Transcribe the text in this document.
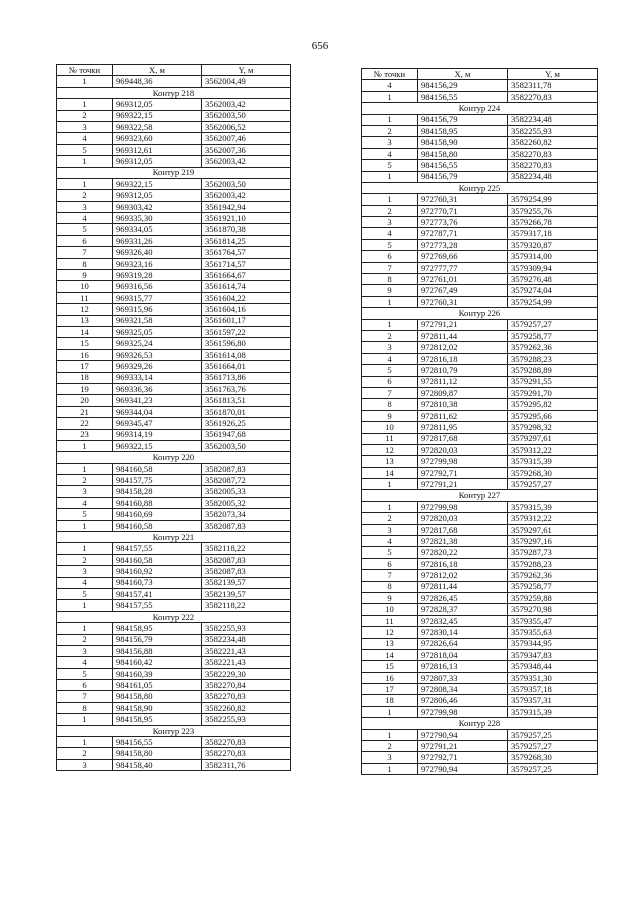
656
№ точки	X, м	Y, м
1	969448,36	3562004,49
Контур 218		
1	969312,05	3562003,42
2	969322,15	3562003,50
3	969322,58	3562006,52
4	969323,60	3562007,46
5	969312,61	3562007,36
1	969312,05	3562003,42
Контур 219		
1	969322,15	3562003,50
2	969312,05	3562003,42
3	969303,42	3561942,94
4	969335,30	3561921,10
5	969334,05	3561870,38
6	969331,26	3561814,25
7	969326,40	3561764,57
8	969323,16	3561714,57
9	969319,28	3561664,67
10	969316,56	3561614,74
11	969315,77	3561604,22
12	969315,96	3561604,16
13	969321,58	3561601,17
14	969325,05	3561597,22
15	969325,24	3561596,80
16	969326,53	3561614,08
17	969329,26	3561664,01
18	969333,14	3561713,86
19	969336,36	3561763,76
20	969341,23	3561813,51
21	969344,04	3561870,01
22	969345,47	3561926,25
23	969314,19	3561947,68
1	969322,15	3562003,50
Контур 220		
1	984160,58	3582087,83
2	984157,75	3582087,72
3	984158,28	3582005,33
4	984160,88	3582005,32
5	984160,69	3582073,34
1	984160,58	3582087,83
Контур 221		
1	984157,55	3582118,22
2	984160,58	3582087,83
3	984160,92	3582087,83
4	984160,73	3582139,57
5	984157,41	3582139,57
1	984157,55	3582118,22
Контур 222		
1	984158,95	3582255,93
2	984156,79	3582234,48
3	984156,88	3582221,43
4	984160,42	3582221,43
5	984160,39	3582229,30
6	984161,05	3582270,84
7	984158,80	3582270,83
8	984158,90	3582260,82
1	984158,95	3582255,93
Контур 223		
1	984156,55	3582270,83
2	984158,80	3582270,83
3	984158,40	3582311,76
№ точки	X, м	Y, м
4	984156,29	3582311,78
1	984156,55	3582270,83
Контур 224		
1	984156,79	3582234,48
2	984158,95	3582255,93
3	984158,90	3582260,82
4	984158,80	3582270,83
5	984156,55	3582270,83
1	984156,79	3582234,48
Контур 225		
1	972760,31	3579254,99
2	972770,71	3579255,76
3	972773,76	3579266,78
4	972787,71	3579317,18
5	972773,28	3579320,87
6	972769,66	3579314,00
7	972777,77	3579309,94
8	972761,01	3579276,48
9	972767,49	3579274,04
1	972760,31	3579254,99
Контур 226		
1	972791,21	3579257,27
2	972811,44	3579258,77
3	972812,02	3579262,36
4	972816,18	3579288,23
5	972810,79	3579288,89
6	972811,12	3579291,55
7	972809,87	3579291,70
8	972810,38	3579295,82
9	972811,62	3579295,66
10	972811,95	3579298,32
11	972817,68	3579297,61
12	972820,03	3579312,22
13	972799,98	3579315,39
14	972792,71	3579268,30
1	972791,21	3579257,27
Контур 227		
1	972799,98	3579315,39
2	972820,03	3579312,22
3	972817,68	3579297,61
4	972821,38	3579297,16
5	972820,22	3579287,73
6	972816,18	3579288,23
7	972812,02	3579262,36
8	972811,44	3579258,77
9	972826,45	3579259,88
10	972828,37	3579270,98
11	972832,45	3579355,47
12	972830,14	3579355,63
13	972826,64	3579344,95
14	972818,04	3579347,83
15	972816,13	3579348,44
16	972807,33	3579351,30
17	972808,34	3579357,18
18	972806,46	3579357,31
1	972799,98	3579315,39
Контур 228		
1	972790,94	3579257,25
2	972791,21	3579257,27
3	972792,71	3579268,30
1	972790,94	3579257,25
